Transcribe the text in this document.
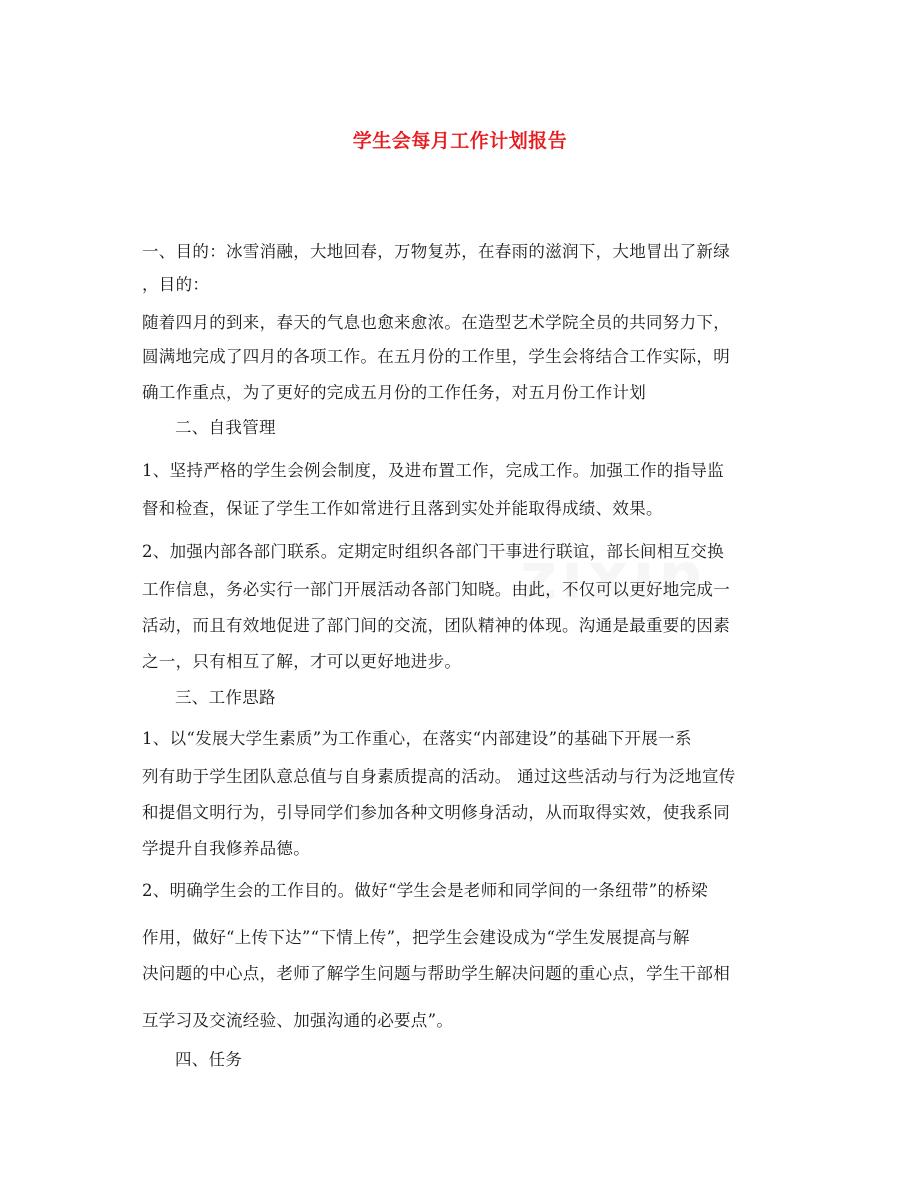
学生会每月工作计划报告
一、目的：冰雪消融，大地回春，万物复苏，在春雨的滋润下，大地冒出了新绿
，目的：
随着四月的到来，春天的气息也愈来愈浓。在造型艺术学院全员的共同努力下，
圆满地完成了四月的各项工作。在五月份的工作里，学生会将结合工作实际，明
确工作重点，为了更好的完成五月份的工作任务，对五月份工作计划
二、自我管理
1、坚持严格的学生会例会制度，及进布置工作，完成工作。加强工作的指导监
督和检查，保证了学生工作如常进行且落到实处并能取得成绩、效果。
2、加强内部各部门联系。定期定时组织各部门干事进行联谊，部长间相互交换
工作信息，务必实行一部门开展活动各部门知晓。由此，不仅可以更好地完成一
活动，而且有效地促进了部门间的交流，团队精神的体现。沟通是最重要的因素
之一，只有相互了解，才可以更好地进步。
三、工作思路
1、以“发展大学生素质”为工作重心，在落实“内部建设”的基础下开展一系
列有助于学生团队意总值与自身素质提高的活动。 通过这些活动与行为泛地宣传
和提倡文明行为，引导同学们参加各种文明修身活动，从而取得实效，使我系同
学提升自我修养品德。
2、明确学生会的工作目的。做好“学生会是老师和同学间的一条纽带”的桥梁
作用，做好“上传下达”“下情上传”，把学生会建设成为“学生发展提高与解
决问题的中心点，老师了解学生问题与帮助学生解决问题的重心点，学生干部相
互学习及交流经验、加强沟通的必要点”。
四、任务
